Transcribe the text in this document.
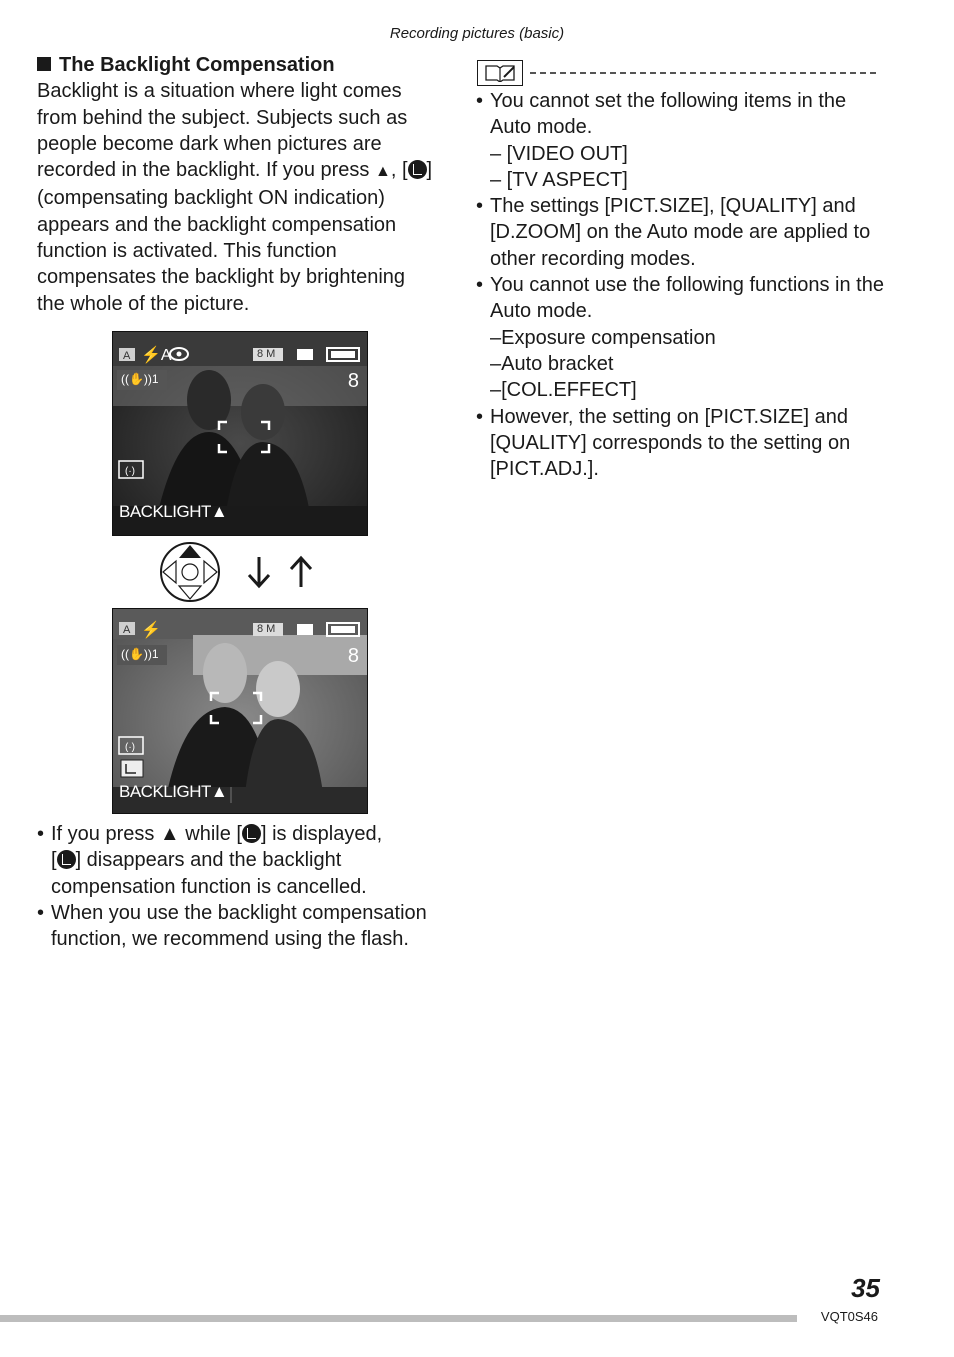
Recording pictures (basic)
The Backlight Compensation

Backlight is a situation where light comes from behind the subject. Subjects such as people become dark when pictures are recorded in the backlight. If you press ▲, [ ] (compensating backlight ON indication) appears and the backlight compensation function is activated. This function compensates the backlight by brightening the whole of the picture.

A ⚡A
(·)
8 M
((✋))1	8
BACKLIGHT▲
A ⚡
(·)
8 M
((✋))1	8
BACKLIGHT▲
• If you press ▲ while [ ] is displayed,
[ ] disappears and the backlight compensation function is cancelled.
• When you use the backlight compensation function, we recommend using the flash.
• You cannot set the following items in the Auto mode.
– [VIDEO OUT]
– [TV ASPECT]
• The settings [PICT.SIZE], [QUALITY] and [D.ZOOM] on the Auto mode are applied to other recording modes.
• You cannot use the following functions in the Auto mode.
–Exposure compensation
–Auto bracket
–[COL.EFFECT]
• However, the setting on [PICT.SIZE] and [QUALITY] corresponds to the setting on [PICT.ADJ.].
35
VQT0S46
